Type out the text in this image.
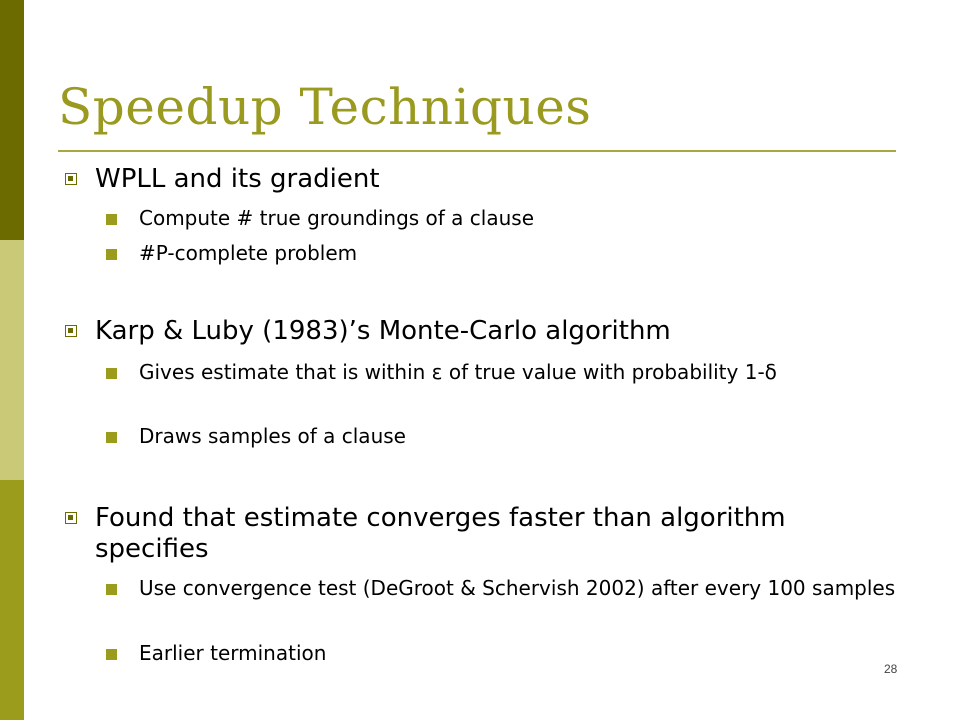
Speedup Techniques
WPLL and its gradient
Compute # true groundings of a clause
#P-complete problem
Karp & Luby (1983)’s Monte-Carlo algorithm
Gives estimate that is within ε of true value with probability 1-δ
Draws samples of a clause
Found that estimate converges faster than algorithm specifies
Use convergence test (DeGroot & Schervish 2002) after every 100 samples
Earlier termination
28
